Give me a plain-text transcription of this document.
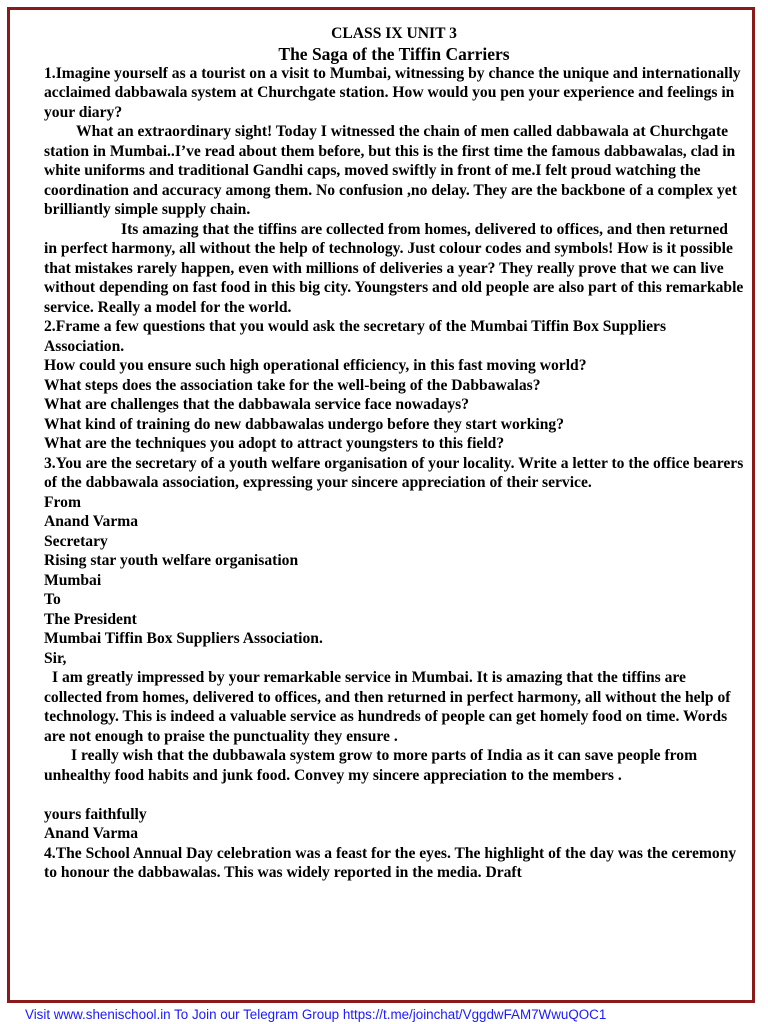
CLASS IX UNIT 3

The Saga of the Tiffin Carriers

1.Imagine yourself as a tourist on a visit to Mumbai, witnessing by chance the unique and internationally acclaimed dabbawala system at Churchgate station. How would you pen your experience and feelings in your diary?

What an extraordinary sight! Today I witnessed the chain of men called dabbawala at Churchgate station in Mumbai..I’ve read about them before, but this is the first time the famous dabbawalas, clad in white uniforms and traditional Gandhi caps, moved swiftly in front of me.I felt proud watching the coordination and accuracy among them. No confusion ,no delay. They are the backbone of a complex yet brilliantly simple supply chain.

Its amazing that the tiffins are collected from homes, delivered to offices, and then returned in perfect harmony, all without the help of technology. Just colour codes and symbols! How is it possible that mistakes rarely happen, even with millions of deliveries a year? They really prove that we can live without depending on fast food in this big city. Youngsters and old people are also part of this remarkable service. Really a model for the world.

2.Frame a few questions that you would ask the secretary of the Mumbai Tiffin Box Suppliers Association.

How could you ensure such high operational efficiency, in this fast moving world?

What steps does the association take for the well-being of the Dabbawalas?

What are challenges that the dabbawala service face nowadays?

What kind of training do new dabbawalas undergo before they start working?

What are the techniques you adopt to attract youngsters to this field?

3.You are the secretary of a youth welfare organisation of your locality. Write a letter to the office bearers of the dabbawala association, expressing your sincere appreciation of their service.

From

Anand Varma

Secretary

Rising star youth welfare organisation

Mumbai

To

The President

Mumbai Tiffin Box Suppliers Association.

Sir,

I am greatly impressed by your remarkable service in Mumbai. It is amazing that the tiffins are collected from homes, delivered to offices, and then returned in perfect harmony, all without the help of technology. This is indeed a valuable service as hundreds of people can get homely food on time. Words are not enough to praise the punctuality they ensure .

I really wish that the dubbawala system grow to more parts of India as it can save people from unhealthy food habits and junk food. Convey my sincere appreciation to the members .

yours faithfully

Anand Varma

4.The School Annual Day celebration was a feast for the eyes. The highlight of the day was the ceremony to honour the dabbawalas. This was widely reported in the media. Draft

Visit www.shenischool.in To Join our Telegram Group https://t.me/joinchat/VggdwFAM7WwuQOC1
